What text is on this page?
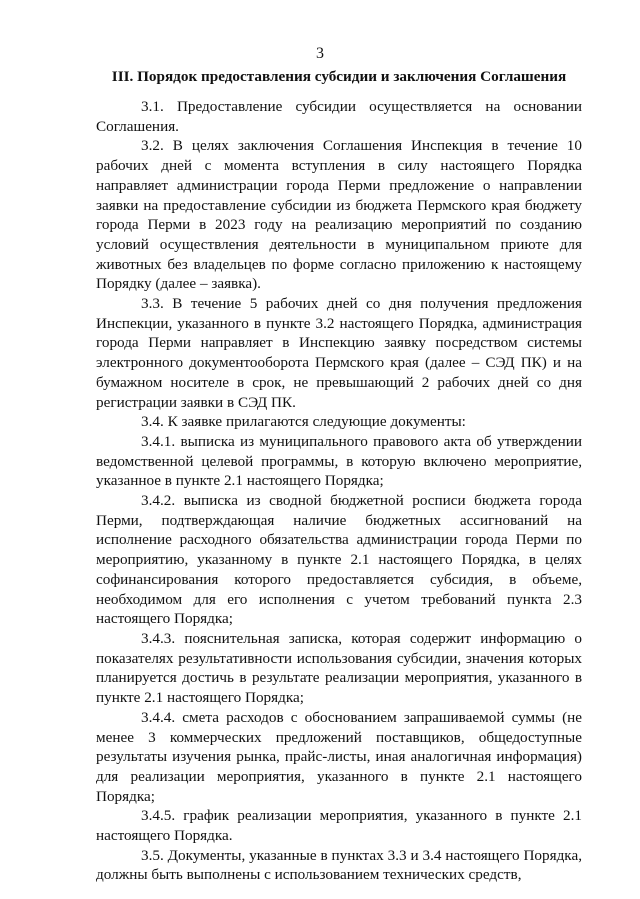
3
III. Порядок предоставления субсидии и заключения Соглашения

3.1. Предоставление субсидии осуществляется на основании Соглашения.

3.2. В целях заключения Соглашения Инспекция в течение 10 рабочих дней с момента вступления в силу настоящего Порядка направляет администрации города Перми предложение о направлении заявки на предоставление субсидии из бюджета Пермского края бюджету города Перми в 2023 году на реализацию мероприятий по созданию условий осуществления деятельности в муниципальном приюте для животных без владельцев по форме согласно приложению к настоящему Порядку (далее – заявка).

3.3. В течение 5 рабочих дней со дня получения предложения Инспекции, указанного в пункте 3.2 настоящего Порядка, администрация города Перми направляет в Инспекцию заявку посредством системы электронного документооборота Пермского края (далее – СЭД ПК) и на бумажном носителе в срок, не превышающий 2 рабочих дней со дня регистрации заявки в СЭД ПК.

3.4. К заявке прилагаются следующие документы:

3.4.1. выписка из муниципального правового акта об утверждении ведомственной целевой программы, в которую включено мероприятие, указанное в пункте 2.1 настоящего Порядка;

3.4.2. выписка из сводной бюджетной росписи бюджета города Перми, подтверждающая наличие бюджетных ассигнований на исполнение расходного обязательства администрации города Перми по мероприятию, указанному в пункте 2.1 настоящего Порядка, в целях софинансирования которого предоставляется субсидия, в объеме, необходимом для его исполнения с учетом требований пункта 2.3 настоящего Порядка;

3.4.3. пояснительная записка, которая содержит информацию о показателях результативности использования субсидии, значения которых планируется достичь в результате реализации мероприятия, указанного в пункте 2.1 настоящего Порядка;

3.4.4. смета расходов с обоснованием запрашиваемой суммы (не менее 3 коммерческих предложений поставщиков, общедоступные результаты изучения рынка, прайс-листы, иная аналогичная информация) для реализации мероприятия, указанного в пункте 2.1 настоящего Порядка;

3.4.5. график реализации мероприятия, указанного в пункте 2.1 настоящего Порядка.

3.5. Документы, указанные в пунктах 3.3 и 3.4 настоящего Порядка, должны быть выполнены с использованием технических средств,
